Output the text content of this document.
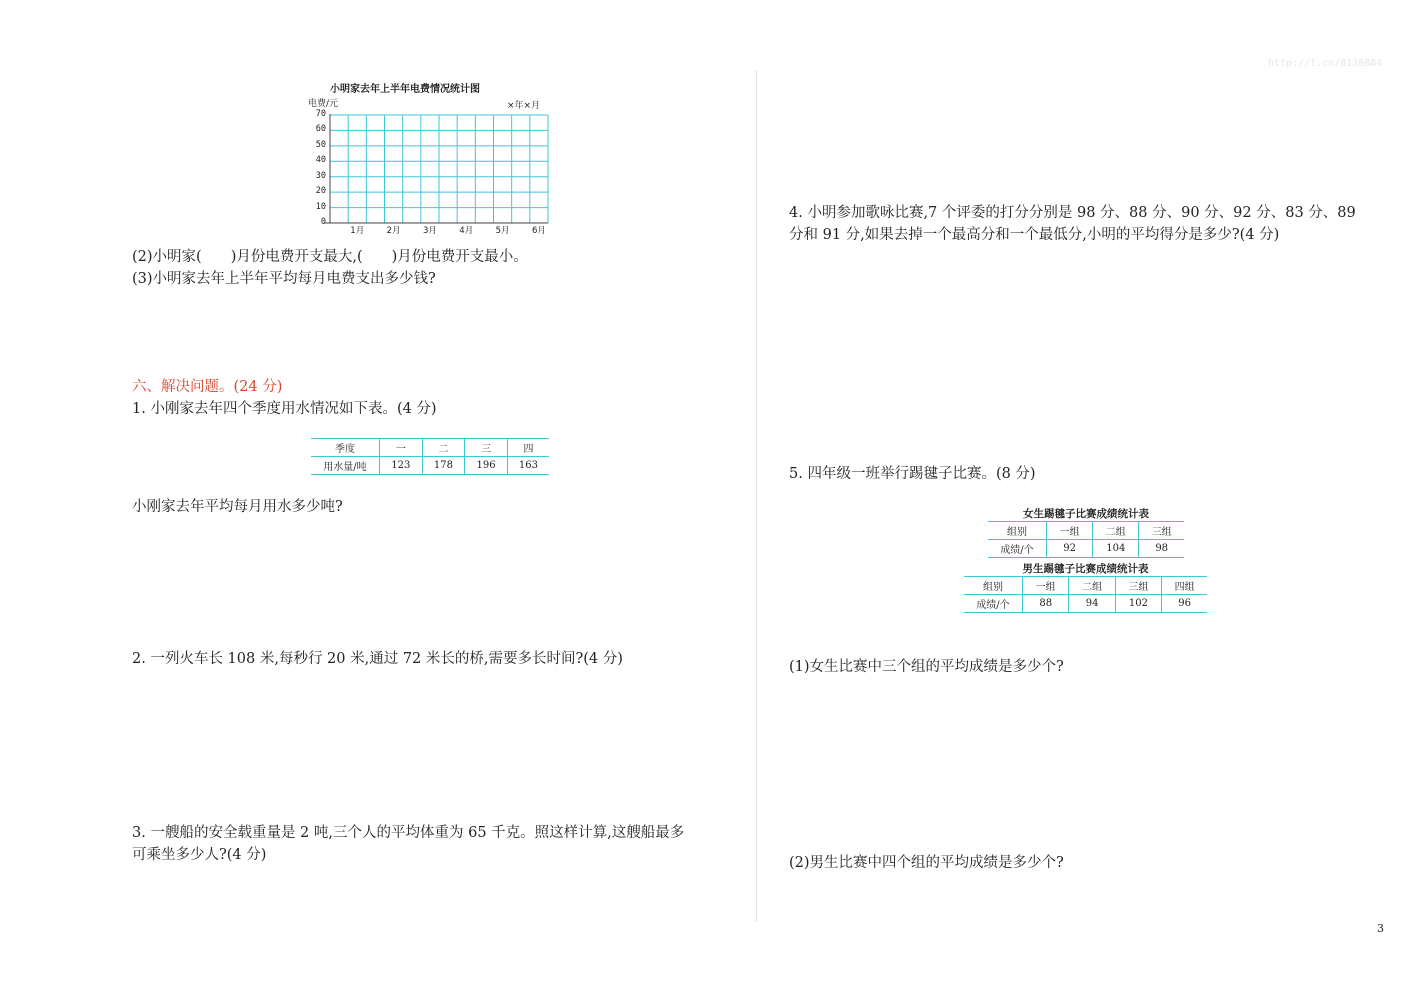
http://t.cn/8138884
小明家去年上半年电费情况统计图
电费/元	×年×月
70
60
50
40
30
20
10
0
1月	2月	3月	4月	5月	6月
(2)小明家(　　)月份电费开支最大,(　　)月份电费开支最小。
(3)小明家去年上半年平均每月电费支出多少钱?
六、解决问题。(24 分)
1. 小刚家去年四个季度用水情况如下表。(4 分)
季度	一	二	三	四
用水量/吨	123	178	196	163
小刚家去年平均每月用水多少吨?
2. 一列火车长 108 米,每秒行 20 米,通过 72 米长的桥,需要多长时间?(4 分)
3. 一艘船的安全载重量是 2 吨,三个人的平均体重为 65 千克。照这样计算,这艘船最多
可乘坐多少人?(4 分)
4. 小明参加歌咏比赛,7 个评委的打分分别是 98 分、88 分、90 分、92 分、83 分、89
分和 91 分,如果去掉一个最高分和一个最低分,小明的平均得分是多少?(4 分)
5. 四年级一班举行踢毽子比赛。(8 分)
女生踢毽子比赛成绩统计表
组别	一组	二组	三组
成绩/个	92	104	98
男生踢毽子比赛成绩统计表
组别	一组	二组	三组	四组
成绩/个	88	94	102	96
(1)女生比赛中三个组的平均成绩是多少个?
(2)男生比赛中四个组的平均成绩是多少个?
3
